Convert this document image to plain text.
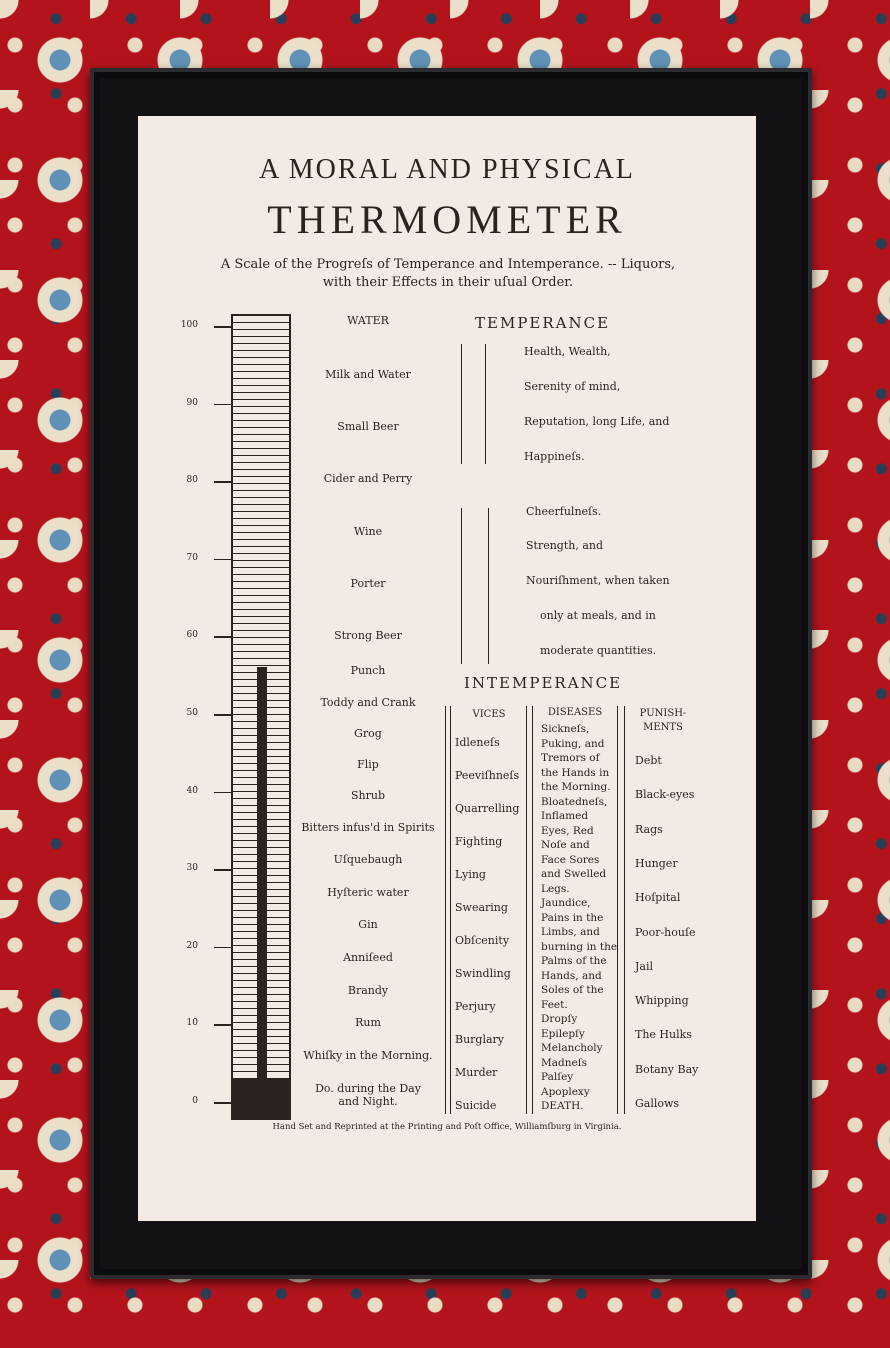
A MORAL AND PHYSICAL
THERMOMETER
A Scale of the Progreſs of Temperance and Intemperance. -- Liquors,
with their Effects in their uſual Order.
100
90
80
70
60
50
40
30
20
10
0
WATER
Milk and Water
Small Beer
Cider and Perry
Wine
Porter
Strong Beer
Punch
Toddy and Crank
Grog
Flip
Shrub
Bitters infus'd in Spirits
Uſquebaugh
Hyſteric water
Gin
Anniſeed
Brandy
Rum
Whiſky in the Morning.
Do. during the Day
and Night.
TEMPERANCE
Health, Wealth,
Serenity of mind,
Reputation, long Life, and
Happineſs.
Cheerfulneſs.
Strength, and
Nouriſhment, when taken
only at meals, and in
moderate quantities.
INTEMPERANCE
VICES	DISEASES	PUNISH-
MENTS
Idleneſs
Peeviſhneſs
Quarrelling
Fighting
Lying
Swearing
Obſcenity
Swindling
Perjury
Burglary
Murder
Suicide
Sickneſs,
Puking, and
Tremors of
the Hands in
the Morning.
Bloatedneſs,
Inflamed
Eyes, Red
Noſe and
Face Sores
and Swelled
Legs.
Jaundice,
Pains in the
Limbs, and
burning in the
Palms of the
Hands, and
Soles of the
Feet.
Dropſy
Epilepſy
Melancholy
Madneſs
Palſey
Apoplexy
DEATH.
Debt
Black-eyes
Rags
Hunger
Hoſpital
Poor-houſe
Jail
Whipping
The Hulks
Botany Bay
Gallows
Hand Set and Reprinted at the Printing and Poſt Office, Williamſburg in Virginia.
